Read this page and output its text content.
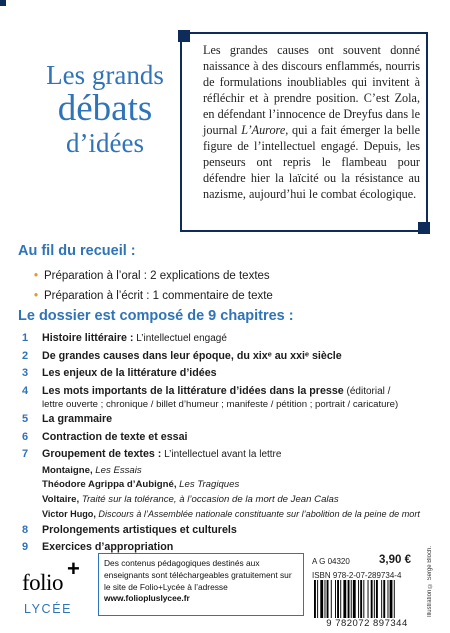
Les grands
débats
d’idées

Les grandes causes ont souvent donné naissance à des discours enflammés, nourris de formulations inoubliables qui invitent à réfléchir et à prendre position. C’est Zola, en défendant l’innocence de Dreyfus dans le journal L’Aurore, qui a fait émerger la belle figure de l’intellectuel engagé. Depuis, les penseurs ont repris le flambeau pour défendre hier la laïcité ou la résistance au nazisme, aujourd’hui le combat écologique.

Au fil du recueil :
• Préparation à l’oral : 2 explications de textes
• Préparation à l’écrit : 1 commentaire de texte
Le dossier est composé de 9 chapitres :
1 Histoire littéraire : L’intellectuel engagé
2 De grandes causes dans leur époque, du xixᵉ au xxiᵉ siècle
3 Les enjeux de la littérature d’idées
4 Les mots importants de la littérature d’idées dans la presse (éditorial /
lettre ouverte ; chronique / billet d’humeur ; manifeste / pétition ; portrait / caricature)
5 La grammaire
6 Contraction de texte et essai
7 Groupement de textes : L’intellectuel avant la lettre
Montaigne, Les Essais
Théodore Agrippa d’Aubigné, Les Tragiques
Voltaire, Traité sur la tolérance, à l’occasion de la mort de Jean Calas
Victor Hugo, Discours à l’Assemblée nationale constituante sur l’abolition de la peine de mort
8 Prolongements artistiques et culturels
9 Exercices d’appropriation	Illustration © Serge Bloch.
folio
+
LYCÉE
Des contenus pédagogiques destinés aux enseignants sont téléchargeables gratuitement sur le site de Folio+Lycée à l’adresse
www.foliopluslycee.fr
A G 04320	3,90 €
ISBN 978-2-07-289734-4
9 782072 897344
